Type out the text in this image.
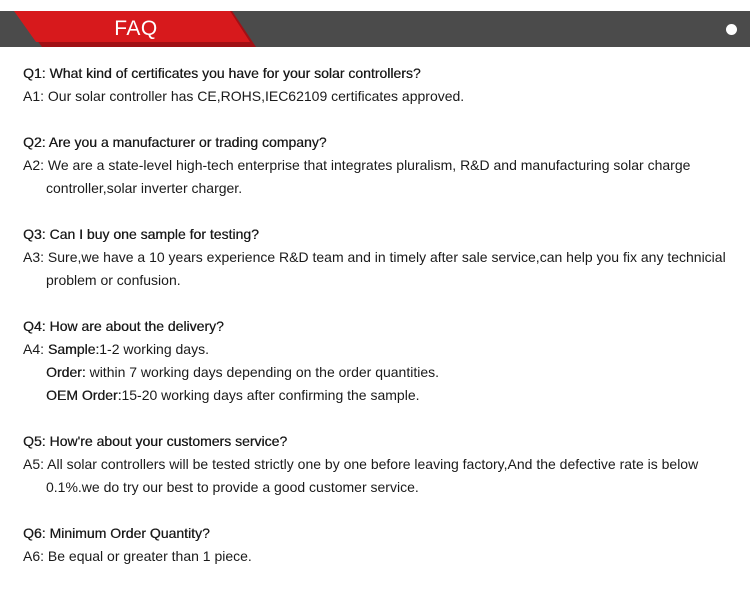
FAQ
Q1: What kind of certificates you have for your solar controllers?
A1: Our solar controller has CE,ROHS,IEC62109 certificates approved.
Q2: Are you a manufacturer or trading company?
A2: We are a state-level high-tech enterprise that integrates pluralism, R&D and manufacturing solar charge
controller,solar inverter charger.
Q3: Can I buy one sample for testing?
A3: Sure,we have a 10 years experience R&D team and in timely after sale service,can help you fix any technicial
problem or confusion.
Q4: How are about the delivery?
A4: Sample:1-2 working days.
Order: within 7 working days depending on the order quantities.
OEM Order:15-20 working days after confirming the sample.
Q5: How're about your customers service?
A5: All solar controllers will be tested strictly one by one before leaving factory,And the defective rate is below
0.1%.we do try our best to provide a good customer service.
Q6: Minimum Order Quantity?
A6: Be equal or greater than 1 piece.
